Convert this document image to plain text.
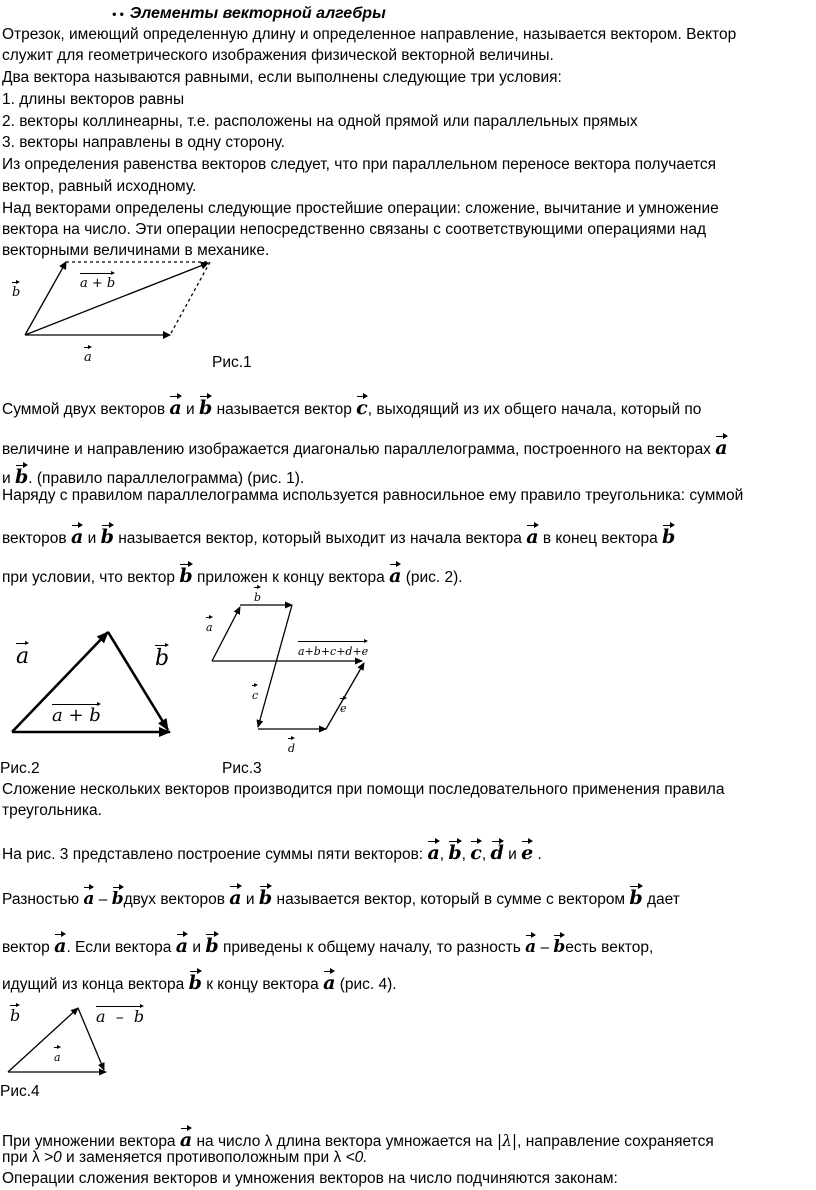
• • Элементы векторной алгебры
Отрезок, имеющий определенную длину и определенное направление, называется вектором. Вектор
служит для геометрического изображения физической векторной величины.
Два вектора называются равными, если выполнены следующие три условия:
1. длины векторов равны
2. векторы коллинеарны, т.е. расположены на одной прямой или параллельных прямых
3. векторы направлены в одну сторону.
Из определения равенства векторов следует, что при параллельном переносе вектора получается
вектор, равный исходному.
Над векторами определены следующие простейшие операции: сложение, вычитание и умножение
вектора на число. Эти операции непосредственно связаны с соответствующими операциями над
векторными величинами в механике.
b
a + b
a	Рис.1
Суммой двух векторов a и b называется вектор c, выходящий из их общего начала, который по
величине и направлению изображается диагональю параллелограмма, построенного на векторах a
и b. (правило параллелограмма) (рис. 1).
Наряду с правилом параллелограмма используется равносильное ему правило треугольника: суммой
векторов a и b называется вектор, который выходит из начала вектора a в конец вектора b
при условии, что вектор b приложен к концу вектора a (рис. 2).
a	b
a + b
b
a
a+b+c+d+e
c
e
d
Рис.2	Рис.3
Сложение нескольких векторов производится при помощи последовательного применения правила
треугольника.
На рис. 3 представлено построение суммы пяти векторов: a, b, c, d и e .
Разностью a – bдвух векторов a и b называется вектор, который в сумме с вектором b дает
вектор a. Если вектора a и b приведены к общему началу, то разность a – bесть вектор,
идущий из конца вектора b к концу вектора a (рис. 4).
b	a – b
a
Рис.4
При умножении вектора a на число λ длина вектора умножается на |λ|, направление сохраняется
при λ >0 и заменяется противоположным при λ <0.
Операции сложения векторов и умножения векторов на число подчиняются законам:
